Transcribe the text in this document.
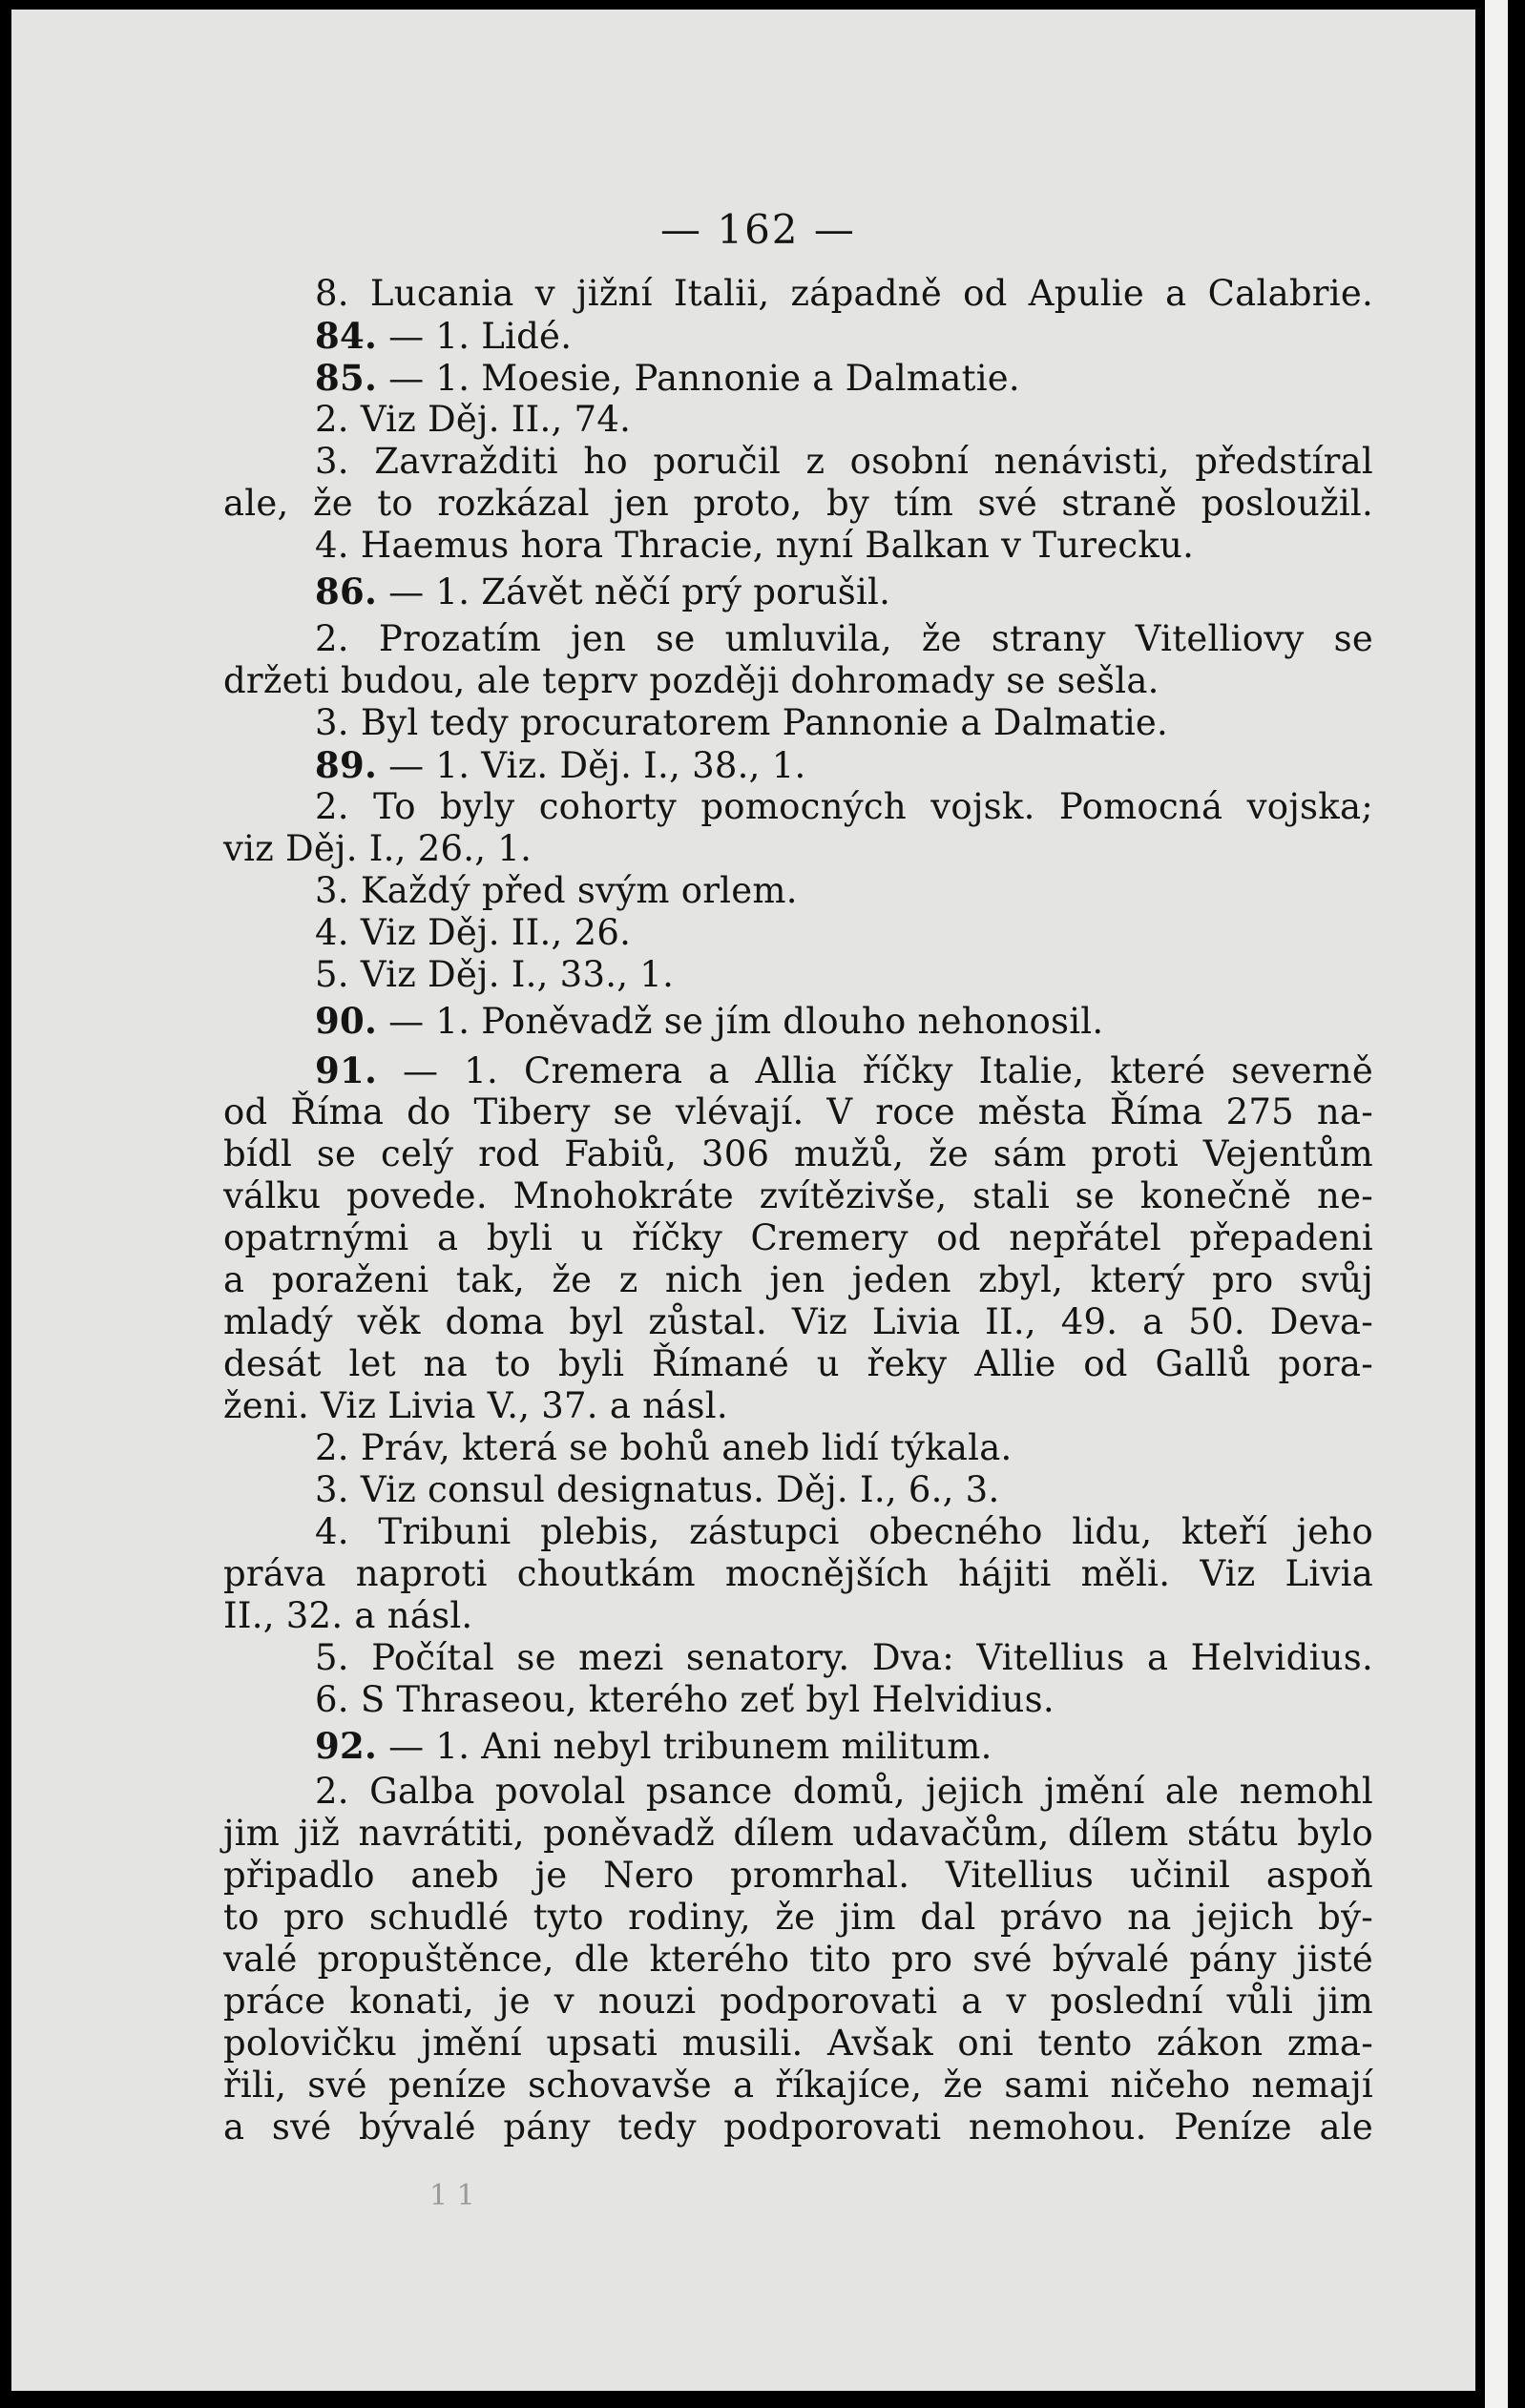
— 162 —
8. Lucania v jižní Italii, západně od Apulie a Calabrie.
84. — 1. Lidé.
85. — 1. Moesie, Pannonie a Dalmatie.
2. Viz Děj. II., 74.
3. Zavražditi ho poručil z osobní nenávisti, předstíral
ale, že to rozkázal jen proto, by tím své straně posloužil.
4. Haemus hora Thracie, nyní Balkan v Turecku.
86. — 1. Závět něčí prý porušil.
2. Prozatím jen se umluvila, že strany Vitelliovy se
držeti budou, ale teprv později dohromady se sešla.
3. Byl tedy procuratorem Pannonie a Dalmatie.
89. — 1. Viz. Děj. I., 38., 1.
2. To byly cohorty pomocných vojsk. Pomocná vojska;
viz Děj. I., 26., 1.
3. Každý před svým orlem.
4. Viz Děj. II., 26.
5. Viz Děj. I., 33., 1.
90. — 1. Poněvadž se jím dlouho nehonosil.
91. — 1. Cremera a Allia říčky Italie, které severně
od Říma do Tibery se vlévají. V roce města Říma 275 na-
bídl se celý rod Fabiů, 306 mužů, že sám proti Vejentům
válku povede. Mnohokráte zvítězivše, stali se konečně ne-
opatrnými a byli u říčky Cremery od nepřátel přepadeni
a poraženi tak, že z nich jen jeden zbyl, který pro svůj
mladý věk doma byl zůstal. Viz Livia II., 49. a 50. Deva-
desát let na to byli Římané u řeky Allie od Gallů pora-
ženi. Viz Livia V., 37. a násl.
2. Práv, která se bohů aneb lidí týkala.
3. Viz consul designatus. Děj. I., 6., 3.
4. Tribuni plebis, zástupci obecného lidu, kteří jeho
práva naproti choutkám mocnějších hájiti měli. Viz Livia
II., 32. a násl.
5. Počítal se mezi senatory. Dva: Vitellius a Helvidius.
6. S Thraseou, kterého zeť byl Helvidius.
92. — 1. Ani nebyl tribunem militum.
2. Galba povolal psance domů, jejich jmění ale nemohl
jim již navrátiti, poněvadž dílem udavačům, dílem státu bylo
připadlo aneb je Nero promrhal. Vitellius učinil aspoň
to pro schudlé tyto rodiny, že jim dal právo na jejich bý-
valé propuštěnce, dle kterého tito pro své bývalé pány jisté
práce konati, je v nouzi podporovati a v poslední vůli jim
polovičku jmění upsati musili. Avšak oni tento zákon zma-
řili, své peníze schovavše a říkajíce, že sami ničeho nemají
a své bývalé pány tedy podporovati nemohou. Peníze ale
1 1
